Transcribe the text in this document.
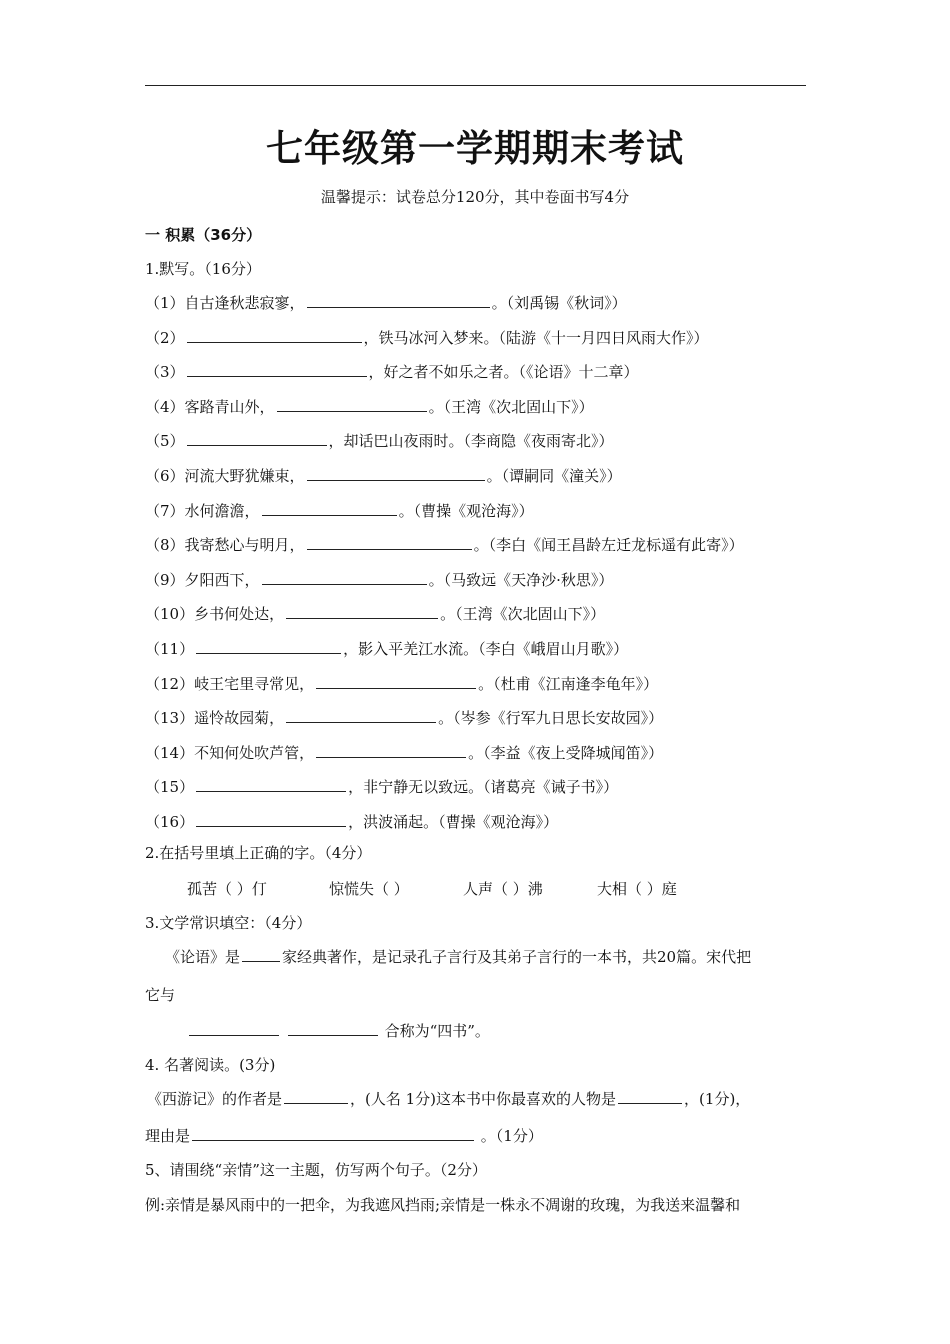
七年级第一学期期末考试
温馨提示：试卷总分120分，其中卷面书写4分
一 积累（36分）
1.默写。（16分）
（1）自古逢秋悲寂寥，	。（刘禹锡《秋词》）
（2）	，铁马冰河入梦来。（陆游《十一月四日风雨大作》）
（3）	，好之者不如乐之者。（《论语》十二章）
（4）客路青山外，	。（王湾《次北固山下》）
（5）	，却话巴山夜雨时。（李商隐《夜雨寄北》）
（6）河流大野犹嫌束，	。（谭嗣同《潼关》）
（7）水何澹澹，	。（曹操《观沧海》）
（8）我寄愁心与明月，	。（李白《闻王昌龄左迁龙标遥有此寄》）
（9）夕阳西下，	。（马致远《天净沙·秋思》）
（10）乡书何处达，	。（王湾《次北固山下》）
（11）	，影入平羌江水流。（李白《峨眉山月歌》）
（12）岐王宅里寻常见，	。（杜甫《江南逢李龟年》）
（13）遥怜故园菊，	。（岑参《行军九日思长安故园》）
（14）不知何处吹芦管，	。（李益《夜上受降城闻笛》）
（15）	，非宁静无以致远。（诸葛亮《诫子书》）
（16）	，洪波涌起。（曹操《观沧海》）
2.在括号里填上正确的字。（4分）
孤苦（ ）仃	惊慌失（ ）	人声（ ）沸	大相（ ）庭
3.文学常识填空：（4分）
《论语》是	家经典著作，是记录孔子言行及其弟子言行的一本书，共20篇。宋代把
它与
合称为“四书”。
4. 名著阅读。(3分)
《西游记》的作者是	，(人名 1分)这本书中你最喜欢的人物是	，(1分)，
理由是	。（1分）
5、请围绕“亲情”这一主题，仿写两个句子。（2分）
例:亲情是暴风雨中的一把伞，为我遮风挡雨;亲情是一株永不凋谢的玫瑰，为我送来温馨和
